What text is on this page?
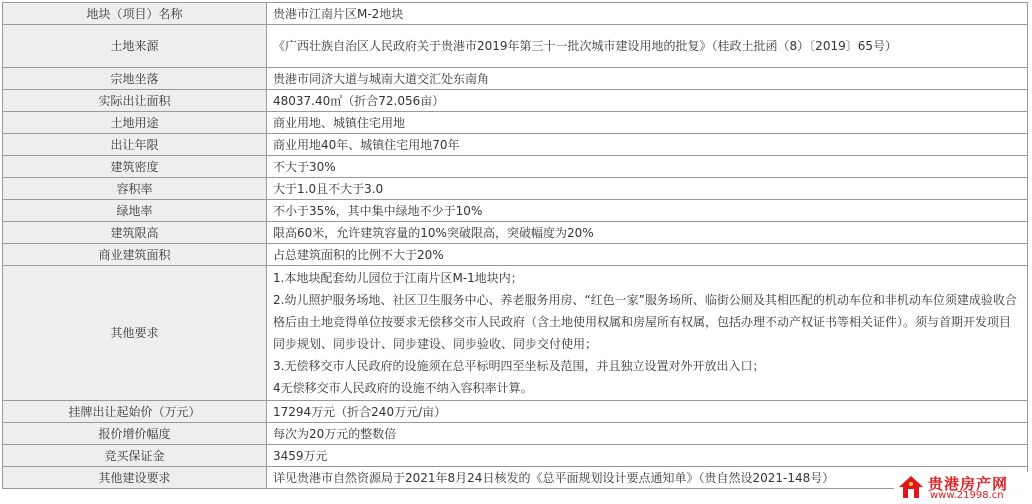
地块（项目）名称	贵港市江南片区M-2地块
土地来源	《广西壮族自治区人民政府关于贵港市2019年第三十一批次城市建设用地的批复》（桂政土批函（8）〔2019〕65号）
宗地坐落	贵港市同济大道与城南大道交汇处东南角
实际出让面积	48037.40㎡（折合72.056亩）
土地用途	商业用地、城镇住宅用地
出让年限	商业用地40年、城镇住宅用地70年
建筑密度	不大于30%
容积率	大于1.0且不大于3.0
绿地率	不小于35%，其中集中绿地不少于10%
建筑限高	限高60米，允许建筑容量的10%突破限高，突破幅度为20%
商业建筑面积	占总建筑面积的比例不大于20%
其他要求	1.本地块配套幼儿园位于江南片区M-1地块内；

2.幼儿照护服务场地、社区卫生服务中心、养老服务用房、“红色一家”服务场所、临街公厕及其相匹配的机动车位和非机动车位须建成验收合格后由土地竞得单位按要求无偿移交市人民政府（含土地使用权属和房屋所有权属，包括办理不动产权证书等相关证件）。须与首期开发项目同步规划、同步设计、同步建设、同步验收、同步交付使用；

3.无偿移交市人民政府的设施须在总平标明四至坐标及范围，并且独立设置对外开放出入口；

4无偿移交市人民政府的设施不纳入容积率计算。

挂牌出让起始价（万元）	17294万元（折合240万元/亩）
报价增价幅度	每次为20万元的整数倍
竞买保证金	3459万元
其他建设要求	详见贵港市自然资源局于2021年8月24日核发的《总平面规划设计要点通知单》（贵自然设2021-148号）	贵港房产网
www.21998.cn
